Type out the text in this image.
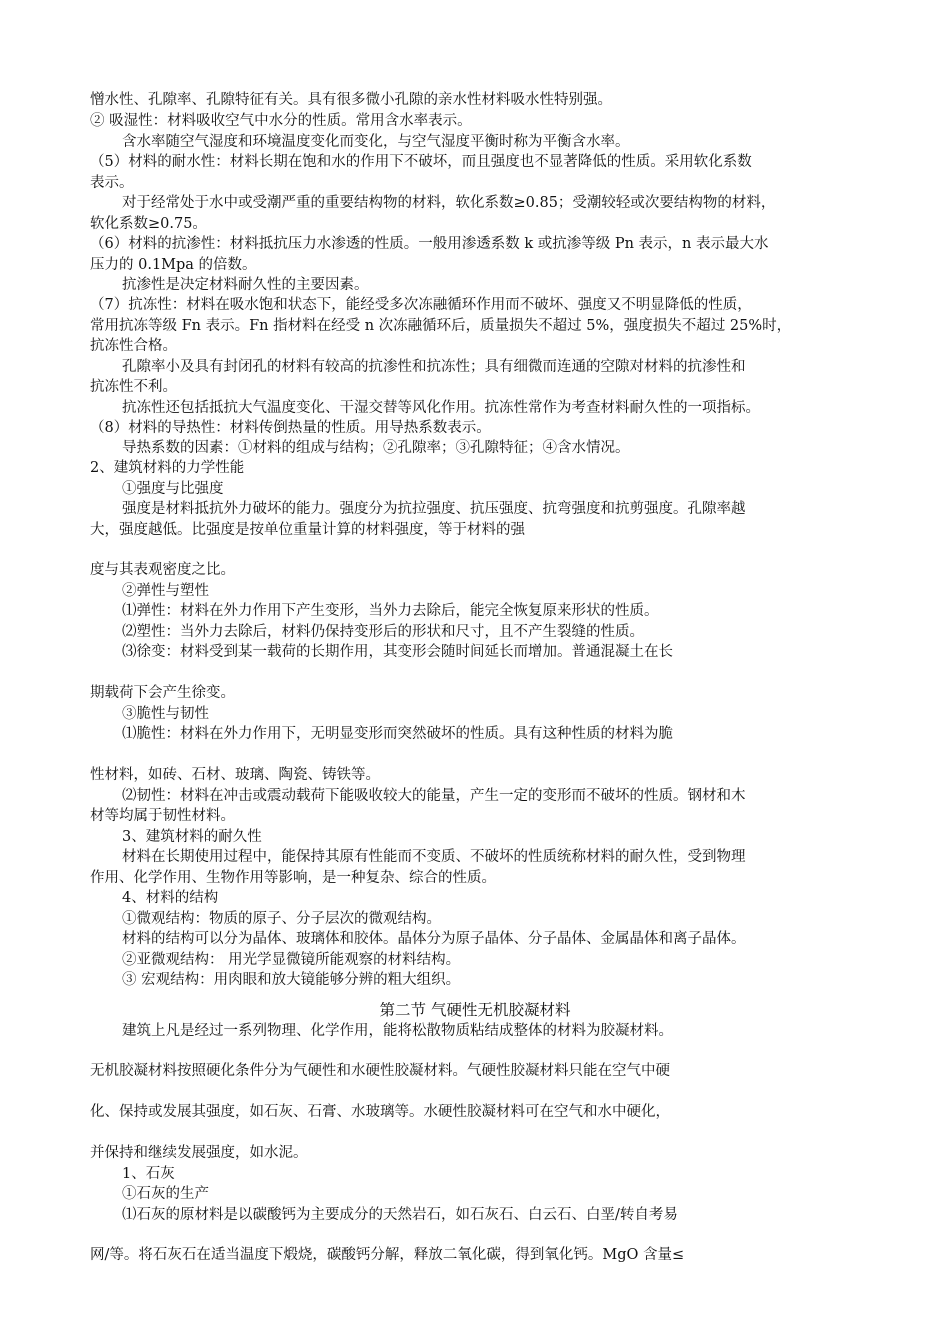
憎水性、孔隙率、孔隙特征有关。具有很多微小孔隙的亲水性材料吸水性特别强。
② 吸湿性：材料吸收空气中水分的性质。常用含水率表示。
含水率随空气湿度和环境温度变化而变化，与空气湿度平衡时称为平衡含水率。
（5）材料的耐水性：材料长期在饱和水的作用下不破坏，而且强度也不显著降低的性质。采用软化系数
表示。
对于经常处于水中或受潮严重的重要结构物的材料，软化系数≥0.85；受潮较轻或次要结构物的材料，
软化系数≥0.75。
（6）材料的抗渗性：材料抵抗压力水渗透的性质。一般用渗透系数 k 或抗渗等级 Pn 表示，n 表示最大水
压力的 0.1Mpa 的倍数。
抗渗性是决定材料耐久性的主要因素。
（7）抗冻性：材料在吸水饱和状态下，能经受多次冻融循环作用而不破坏、强度又不明显降低的性质，
常用抗冻等级 Fn 表示。Fn 指材料在经受 n 次冻融循环后，质量损失不超过 5%，强度损失不超过 25%时，
抗冻性合格。
孔隙率小及具有封闭孔的材料有较高的抗渗性和抗冻性；具有细微而连通的空隙对材料的抗渗性和
抗冻性不利。
抗冻性还包括抵抗大气温度变化、干湿交替等风化作用。抗冻性常作为考查材料耐久性的一项指标。
（8）材料的导热性：材料传倒热量的性质。用导热系数表示。
导热系数的因素：①材料的组成与结构；②孔隙率；③孔隙特征；④含水情况。
2、建筑材料的力学性能
①强度与比强度
强度是材料抵抗外力破坏的能力。强度分为抗拉强度、抗压强度、抗弯强度和抗剪强度。孔隙率越
大，强度越低。比强度是按单位重量计算的材料强度，等于材料的强
度与其表观密度之比。
②弹性与塑性
⑴弹性：材料在外力作用下产生变形，当外力去除后，能完全恢复原来形状的性质。
⑵塑性：当外力去除后，材料仍保持变形后的形状和尺寸，且不产生裂缝的性质。
⑶徐变：材料受到某一载荷的长期作用，其变形会随时间延长而增加。普通混凝土在长
期载荷下会产生徐变。
③脆性与韧性
⑴脆性：材料在外力作用下，无明显变形而突然破坏的性质。具有这种性质的材料为脆
性材料，如砖、石材、玻璃、陶瓷、铸铁等。
⑵韧性：材料在冲击或震动载荷下能吸收较大的能量，产生一定的变形而不破坏的性质。钢材和木
材等均属于韧性材料。
3、建筑材料的耐久性
材料在长期使用过程中，能保持其原有性能而不变质、不破坏的性质统称材料的耐久性，受到物理
作用、化学作用、生物作用等影响，是一种复杂、综合的性质。
4、材料的结构
①微观结构：物质的原子、分子层次的微观结构。
材料的结构可以分为晶体、玻璃体和胶体。晶体分为原子晶体、分子晶体、金属晶体和离子晶体。
②亚微观结构： 用光学显微镜所能观察的材料结构。
③ 宏观结构：用肉眼和放大镜能够分辨的粗大组织。
第二节 气硬性无机胶凝材料
建筑上凡是经过一系列物理、化学作用，能将松散物质粘结成整体的材料为胶凝材料。
无机胶凝材料按照硬化条件分为气硬性和水硬性胶凝材料。气硬性胶凝材料只能在空气中硬
化、保持或发展其强度，如石灰、石膏、水玻璃等。水硬性胶凝材料可在空气和水中硬化，
并保持和继续发展强度，如水泥。
1、石灰
①石灰的生产
⑴石灰的原材料是以碳酸钙为主要成分的天然岩石，如石灰石、白云石、白垩/转自考易
网/等。将石灰石在适当温度下煅烧，碳酸钙分解，释放二氧化碳，得到氧化钙。MgO 含量≤
